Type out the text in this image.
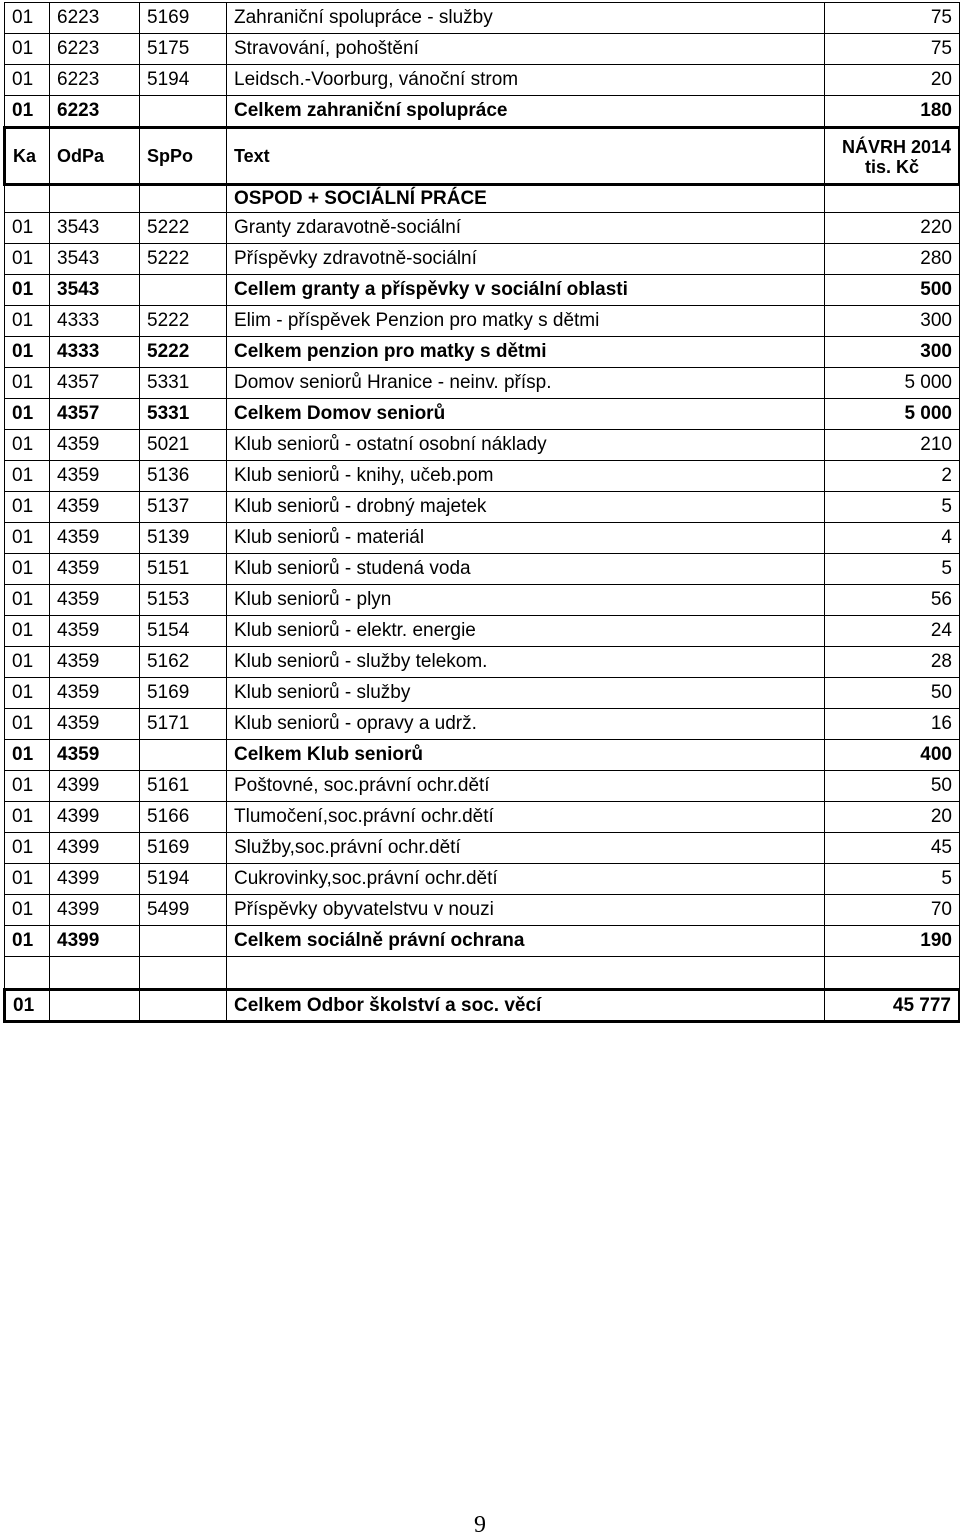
01	6223	5169	Zahraniční spolupráce - služby	75
01	6223	5175	Stravování, pohoštění	75
01	6223	5194	Leidsch.-Voorburg, vánoční strom	20
01	6223		Celkem zahraniční spolupráce	180
Ka	OdPa	SpPo	Text	NÁVRH 2014
tis. Kč

			OSPOD + SOCIÁLNÍ PRÁCE	
01	3543	5222	Granty zdaravotně-sociální	220
01	3543	5222	Příspěvky zdravotně-sociální	280
01	3543		Cellem granty a příspěvky v sociální oblasti	500
01	4333	5222	Elim - příspěvek Penzion pro matky s dětmi	300
01	4333	5222	Celkem penzion pro matky s dětmi	300
01	4357	5331	Domov seniorů Hranice - neinv. přísp.	5 000
01	4357	5331	Celkem Domov seniorů	5 000
01	4359	5021	Klub seniorů - ostatní osobní náklady	210
01	4359	5136	Klub seniorů - knihy, učeb.pom	2
01	4359	5137	Klub seniorů - drobný majetek	5
01	4359	5139	Klub seniorů - materiál	4
01	4359	5151	Klub seniorů - studená voda	5
01	4359	5153	Klub seniorů - plyn	56
01	4359	5154	Klub seniorů - elektr. energie	24
01	4359	5162	Klub seniorů - služby telekom.	28
01	4359	5169	Klub seniorů - služby	50
01	4359	5171	Klub seniorů - opravy a udrž.	16
01	4359		Celkem Klub seniorů	400
01	4399	5161	Poštovné, soc.právní ochr.dětí	50
01	4399	5166	Tlumočení,soc.právní ochr.dětí	20
01	4399	5169	Služby,soc.právní ochr.dětí	45
01	4399	5194	Cukrovinky,soc.právní ochr.dětí	5
01	4399	5499	Příspěvky obyvatelstvu v nouzi	70
01	4399		Celkem sociálně právní ochrana	190

01			Celkem Odbor školství a soc. věcí	45 777
9
